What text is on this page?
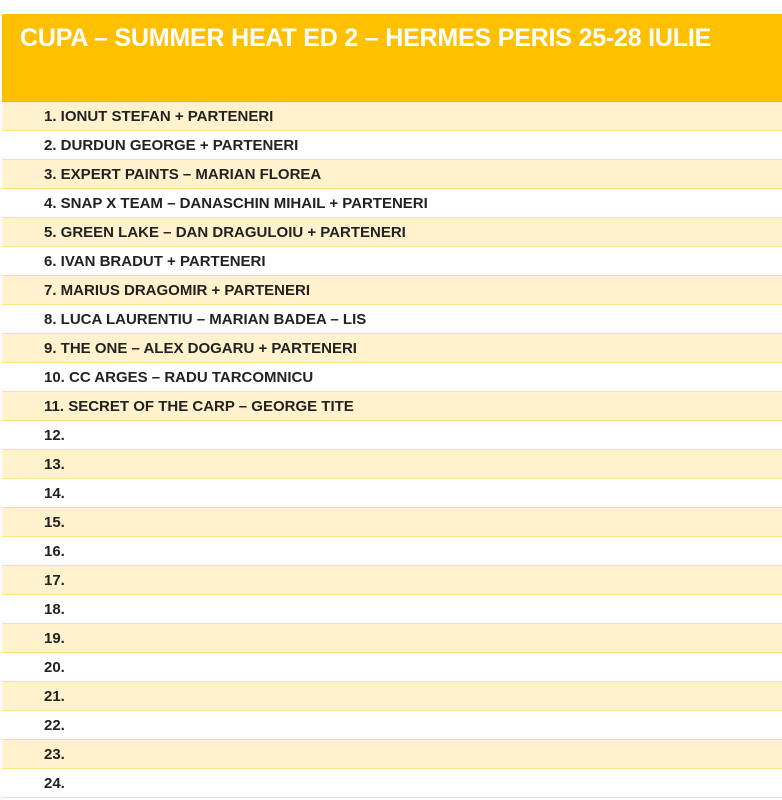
CUPA – SUMMER HEAT ED 2 – HERMES PERIS 25-28 IULIE
1. IONUT STEFAN + PARTENERI
2. DURDUN GEORGE + PARTENERI
3. EXPERT PAINTS – MARIAN FLOREA
4. SNAP X TEAM – DANASCHIN MIHAIL + PARTENERI
5. GREEN LAKE – DAN DRAGULOIU + PARTENERI
6. IVAN BRADUT + PARTENERI
7. MARIUS DRAGOMIR + PARTENERI
8. LUCA LAURENTIU – MARIAN BADEA – LIS
9. THE ONE – ALEX DOGARU + PARTENERI
10. CC ARGES – RADU TARCOMNICU
11. SECRET OF THE CARP – GEORGE TITE
12.
13.
14.
15.
16.
17.
18.
19.
20.
21.
22.
23.
24.
